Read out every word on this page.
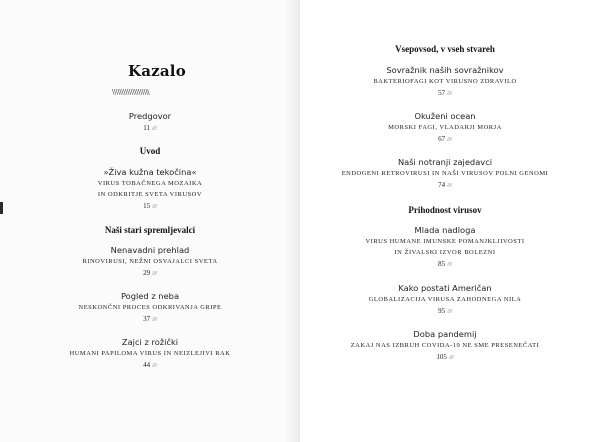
Kazalo
\\\\\\\\\\\\\\\\\\\\
Predgovor
11 ////
Uvod
»Živa kužna tekočina«
VIRUS TOBAČNEGA MOZAIKA
IN ODKRITJE SVETA VIRUSOV
15 ////
Naši stari spremljevalci
Nenavadni prehlad
RINOVIRUSI, NEŽNI OSVAJALCI SVETA
29 ////
Pogled z neba
NESKONČNI PROCES ODKRIVANJA GRIPE
37 ////
Zajci z rožički
HUMANI PAPILOMA VIRUS IN NEIZLEJIVI RAK
44 ////
Vsepovsod, v vseh stvareh
Sovražnik naših sovražnikov
BAKTERIOFAGI KOT VIRUSNO ZDRAVILO
57 ////
Okuženi ocean
MORSKI FAGI, VLADARJI MORJA
67 ////
Naši notranji zajedavci
ENDOGENI RETROVIRUSI IN NAŠI VIRUSOV POLNI GENOMI
74 ////
Prihodnost virusov
Mlada nadloga
VIRUS HUMANE IMUNSKE POMANJKLJIVOSTI
IN ŽIVALSKI IZVOR BOLEZNI
85 ////
Kako postati Američan
GLOBALIZACIJA VIRUSA ZAHODNEGA NILA
95 ////
Doba pandemij
ZAKAJ NAS IZBRUH COVIDA-19 NE SME PRESENEČATI
105 ////
